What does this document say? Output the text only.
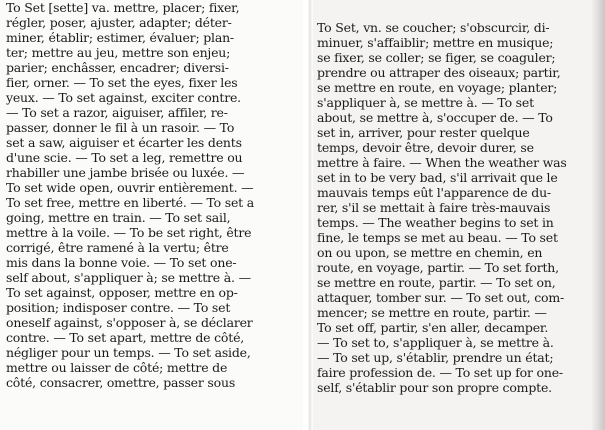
To Set [sette] va. mettre, placer; fixer,
régler, poser, ajuster, adapter; déter-
miner, établir; estimer, évaluer; plan-
ter; mettre au jeu, mettre son enjeu;
parier; enchâsser, encadrer; diversi-
fier, orner. — To set the eyes, fixer les
yeux. — To set against, exciter contre.
— To set a razor, aiguiser, affiler, re-
passer, donner le fil à un rasoir. — To
set a saw, aiguiser et écarter les dents
d'une scie. — To set a leg, remettre ou
rhabiller une jambe brisée ou luxée. —
To set wide open, ouvrir entièrement. —
To set free, mettre en liberté. — To set a
going, mettre en train. — To set sail,
mettre à la voile. — To be set right, être
corrigé, être ramené à la vertu; être
mis dans la bonne voie. — To set one-
self about, s'appliquer à; se mettre à. —
To set against, opposer, mettre en op-
position; indisposer contre. — To set
oneself against, s'opposer à, se déclarer
contre. — To set apart, mettre de côté,
négliger pour un temps. — To set aside,
mettre ou laisser de côté; mettre de
côté, consacrer, omettre, passer sous
To Set, vn. se coucher; s'obscurcir, di-
minuer, s'affaiblir; mettre en musique;
se fixer, se coller; se figer, se coaguler;
prendre ou attraper des oiseaux; partir,
se mettre en route, en voyage; planter;
s'appliquer à, se mettre à. — To set
about, se mettre à, s'occuper de. — To
set in, arriver, pour rester quelque
temps, devoir être, devoir durer, se
mettre à faire. — When the weather was
set in to be very bad, s'il arrivait que le
mauvais temps eût l'apparence de du-
rer, s'il se mettait à faire très-mauvais
temps. — The weather begins to set in
fine, le temps se met au beau. — To set
on ou upon, se mettre en chemin, en
route, en voyage, partir. — To set forth,
se mettre en route, partir. — To set on,
attaquer, tomber sur. — To set out, com-
mencer; se mettre en route, partir. —
To set off, partir, s'en aller, decamper.
— To set to, s'appliquer à, se mettre à.
— To set up, s'établir, prendre un état;
faire profession de. — To set up for one-
self, s'établir pour son propre compte.
